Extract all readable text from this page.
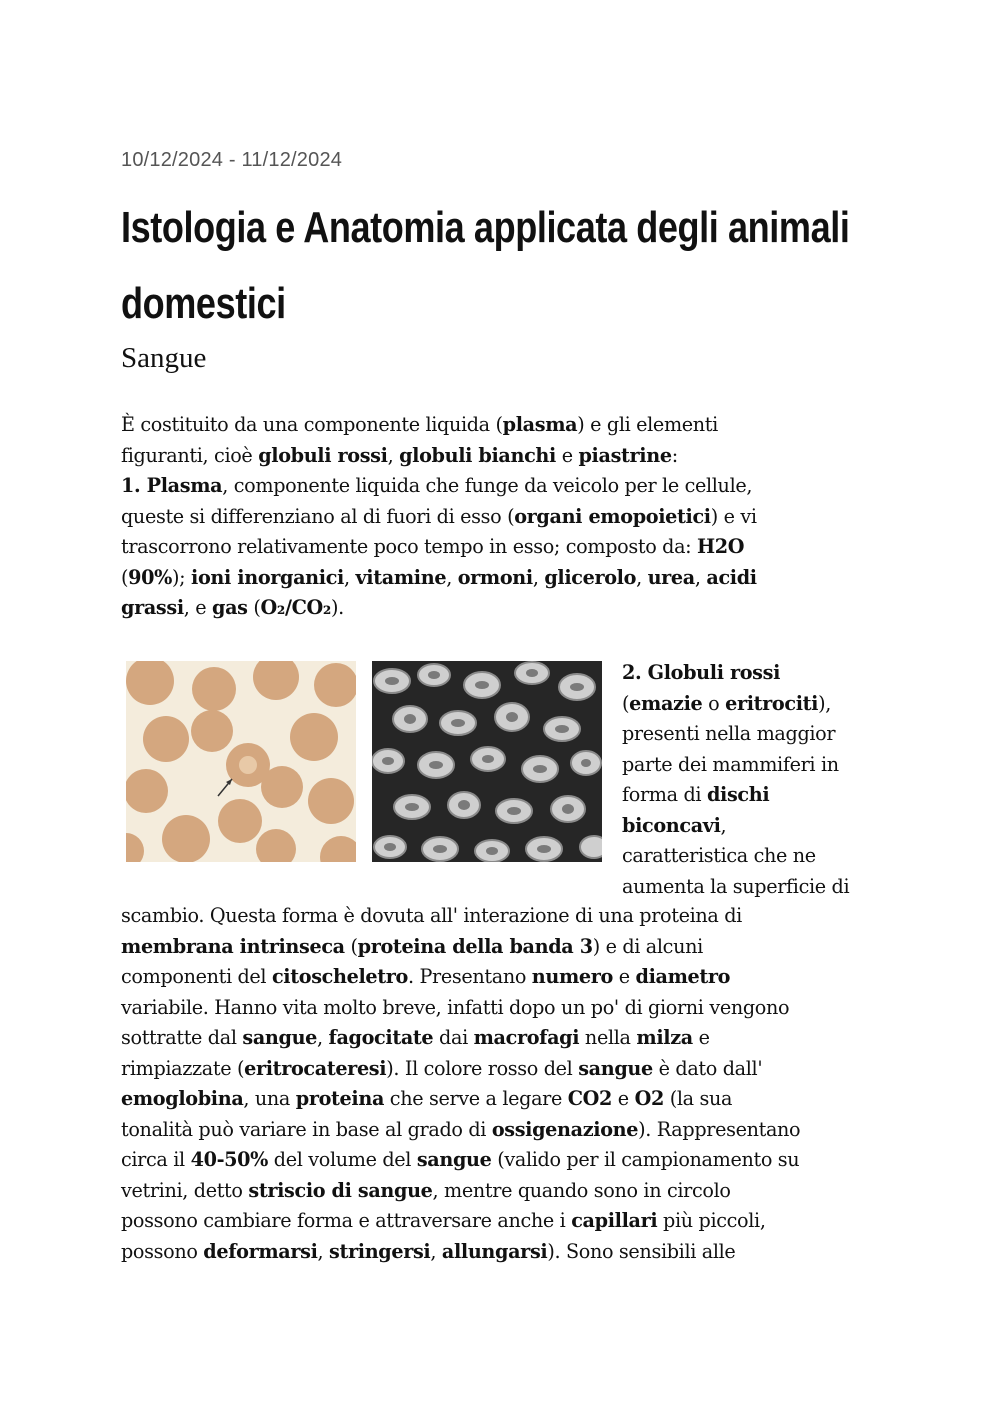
10/12/2024 - 11/12/2024
Istologia e Anatomia applicata degli animali domestici
Sangue

È costituito da una componente liquida (plasma) e gli elementi
figuranti, cioè globuli rossi, globuli bianchi e piastrine:
1. Plasma, componente liquida che funge da veicolo per le cellule,
queste si differenziano al di fuori di esso (organi emopoietici) e vi
trascorrono relativamente poco tempo in esso; composto da: H2O
(90%); ioni inorganici, vitamine, ormoni, glicerolo, urea, acidi
grassi, e gas (O₂/CO₂).

2. Globuli rossi
(emazie o eritrociti),
presenti nella maggior
parte dei mammiferi in
forma di dischi
biconcavi,
caratteristica che ne
aumenta la superficie di

scambio. Questa forma è dovuta all' interazione di una proteina di
membrana intrinseca (proteina della banda 3) e di alcuni
componenti del citoscheletro. Presentano numero e diametro
variabile. Hanno vita molto breve, infatti dopo un po' di giorni vengono
sottratte dal sangue, fagocitate dai macrofagi nella milza e
rimpiazzate (eritrocateresi). Il colore rosso del sangue è dato dall'
emoglobina, una proteina che serve a legare CO2 e O2 (la sua
tonalità può variare in base al grado di ossigenazione). Rappresentano
circa il 40-50% del volume del sangue (valido per il campionamento su
vetrini, detto striscio di sangue, mentre quando sono in circolo
possono cambiare forma e attraversare anche i capillari più piccoli,
possono deformarsi, stringersi, allungarsi). Sono sensibili alle
